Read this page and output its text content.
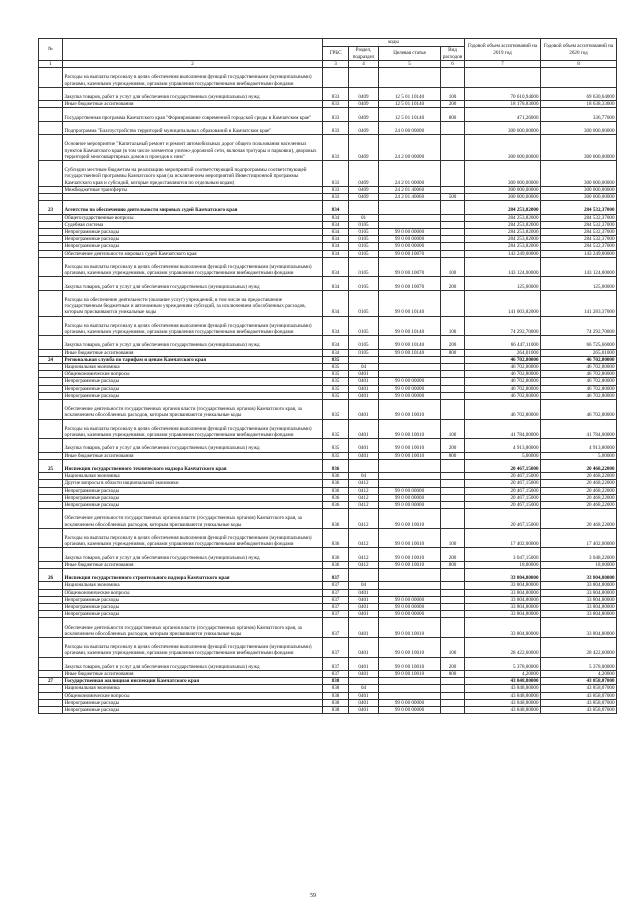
№		коды				Годовой объем ассигнований на 2019 год	Годовой объем ассигнований на 2020 год
		ГРБС	Раздел, подраздел	Целевая статья	Вид расходов		
1	2	3	4	5	6	7	8
	Расходы на выплаты персоналу в целях обеспечения выполнения функций государственными (муниципальными) органами, казенными учреждениями, органами управления государственными внебюджетными фондами						
	Закупка товаров, работ и услуг для обеспечения государственных (муниципальных) нужд	833	0409	12 5 01 10140	100	70 610,94000	69 630,64000
	Иные бюджетные ассигнования	833	0409	12 5 01 10140	200	18 178,83000	18 638,33000
	Государственная программа Камчатского края "Формирование современной городской среды в Камчатском крае"	833	0409	12 5 01 10140	800	471,26000	336,77000
	Подпрограмма "Благоустройство территорий муниципальных образований в Камчатском крае"	833	0409	24 0 00 00000		300 000,00000	300 000,00000
	Основное мероприятие "Капитальный ремонт и ремонт автомобильных дорог общего пользования населенных пунктов Камчатского края (в том числе элементов улично-дорожной сети, включая тротуары и парковки), дворовых территорий многоквартирных домов и проездов к ним"	833	0409	24 2 00 00000		300 000,00000	300 000,00000
	Субсидии местным бюджетам на реализацию мероприятий соответствующей подпрограммы соответствующей государственной программы Камчатского края (за исключением мероприятий Инвестиционной программы Камчатского края и субсидий, которые предоставляются по отдельным кодам)	833	0409	24 2 01 00000		300 000,00000	300 000,00000
	Межбюджетные трансферты	833	0409	24 2 01 40060		300 000,00000	300 000,00000
		833	0409	24 2 01 40060	500	300 000,00000	300 000,00000
23	Агентство по обеспечению деятельности мировых судей Камчатского края	834				284 253,82000	284 532,37000
	Общегосударственные вопросы	834	01			284 253,82000	284 532,37000
	Судебная система	834	0105			284 253,82000	284 532,37000
	Непрограммные расходы	834	0105	99 0 00 00000		284 253,82000	284 532,37000
	Непрограммные расходы	834	0105	99 0 00 00000		284 253,82000	284 532,37000
	Непрограммные расходы	834	0105	99 0 00 00000		284 253,82000	284 532,37000
	Обеспечение деятельности мировых судей Камчатского края	834	0105	99 0 00 10070		143 249,00000	143 249,00000
	Расходы на выплаты персоналу в целях обеспечения выполнения функций государственными (муниципальными) органами, казенными учреждениями, органами управления государственными внебюджетными фондами	834	0105	99 0 00 10070	100	143 124,00000	143 124,00000
	Закупка товаров, работ и услуг для обеспечения государственных (муниципальных) нужд	834	0105	99 0 00 10070	200	125,00000	125,00000
	Расходы на обеспечение деятельности (оказание услуг) учреждений, в том числе на предоставление государственным бюджетным и автономным учреждениям субсидий, за исключением обособленных расходов, которым присваиваются уникальные коды	834	0105	99 0 00 10140		141 003,82000	141 283,37000
	Расходы на выплаты персоналу в целях обеспечения выполнения функций государственными (муниципальными) органами, казенными учреждениями, органами управления государственными внебюджетными фондами	834	0105	99 0 00 10140	100	74 292,70000	74 292,70000
	Закупка товаров, работ и услуг для обеспечения государственных (муниципальных) нужд	834	0105	99 0 00 10140	200	66 447,11000	66 725,66000
	Иные бюджетные ассигнования	834	0105	99 0 00 10140	800	264,01000	265,01000
24	Региональная служба по тарифам и ценам Камчатского края	835				46 702,80000	46 702,80000
	Национальная экономика	835	04			46 702,80000	46 702,80000
	Общеэкономические вопросы	835	0401			46 702,80000	46 702,80000
	Непрограммные расходы	835	0401	99 0 00 00000		46 702,80000	46 702,80000
	Непрограммные расходы	835	0401	99 0 00 00000		46 702,80000	46 702,80000
	Непрограммные расходы	835	0401	99 0 00 00000		46 702,80000	46 702,80000
	Обеспечение деятельности государственных органов власти (государственных органов) Камчатского края, за исключением обособленных расходов, которым присваиваются уникальные коды	835	0401	99 0 00 10010		46 702,80000	46 702,80000
	Расходы на выплаты персоналу в целях обеспечения выполнения функций государственными (муниципальными) органами, казенными учреждениями, органами управления государственными внебюджетными фондами	835	0401	99 0 00 10010	100	41 784,00000	41 784,00000
	Закупка товаров, работ и услуг для обеспечения государственных (муниципальных) нужд	835	0401	99 0 00 10010	200	4 913,80000	4 913,80000
	Иные бюджетные ассигнования	835	0401	99 0 00 10010	800	5,00000	5,00000
25	Инспекция государственного технического надзора Камчатского края	836				20 467,15000	20 468,22000
	Национальная экономика	836	04			20 467,15000	20 468,22000
	Другие вопросы в области национальной экономики	836	0412			20 467,15000	20 468,22000
	Непрограммные расходы	836	0412	99 0 00 00000		20 467,15000	20 468,22000
	Непрограммные расходы	836	0412	99 0 00 00000		20 467,15000	20 468,22000
	Непрограммные расходы	836	0412	99 0 00 00000		20 467,15000	20 468,22000
	Обеспечение деятельности государственных органов власти (государственных органов) Камчатского края, за исключением обособленных расходов, которым присваиваются уникальные коды	836	0412	99 0 00 10010		20 467,15000	20 468,22000
	Расходы на выплаты персоналу в целях обеспечения выполнения функций государственными (муниципальными) органами, казенными учреждениями, органами управления государственными внебюджетными фондами	836	0412	99 0 00 10010	100	17 402,00000	17 402,00000
	Закупка товаров, работ и услуг для обеспечения государственных (муниципальных) нужд	836	0412	99 0 00 10010	200	3 047,15000	3 048,22000
	Иные бюджетные ассигнования	836	0412	99 0 00 10010	800	18,00000	18,00000
26	Инспекция государственного строительного надзора Камчатского края	837				33 804,80000	33 804,80000
	Национальная экономика	837	04			33 804,80000	33 804,80000
	Общеэкономические вопросы	837	0401			33 804,80000	33 804,80000
	Непрограммные расходы	837	0401	99 0 00 00000		33 804,80000	33 804,80000
	Непрограммные расходы	837	0401	99 0 00 00000		33 804,80000	33 804,80000
	Непрограммные расходы	837	0401	99 0 00 00000		33 804,80000	33 804,80000
	Обеспечение деятельности государственных органов власти (государственных органов) Камчатского края, за исключением обособленных расходов, которым присваиваются уникальные коды	837	0401	99 0 00 10010		33 804,80000	33 804,80000
	Расходы на выплаты персоналу в целях обеспечения выполнения функций государственными (муниципальными) органами, казенными учреждениями, органами управления государственными внебюджетными фондами	837	0401	99 0 00 10010	100	28 422,60000	28 422,60000
	Закупка товаров, работ и услуг для обеспечения государственных (муниципальных) нужд	837	0401	99 0 00 10010	200	5 378,00000	5 378,00000
	Иные бюджетные ассигнования	837	0401	99 0 00 10010	800	4,20000	4,20000
27	Государственная жилищная инспекция Камчатского края	838				43 848,80000	43 858,07000
	Национальная экономика	838	04			43 848,80000	43 858,07000
	Общеэкономические вопросы	838	0401			43 848,80000	43 858,07000
	Непрограммные расходы	838	0401	99 0 00 00000		43 848,80000	43 858,07000
	Непрограммные расходы	838	0401	99 0 00 00000		43 848,80000	43 858,07000
59
